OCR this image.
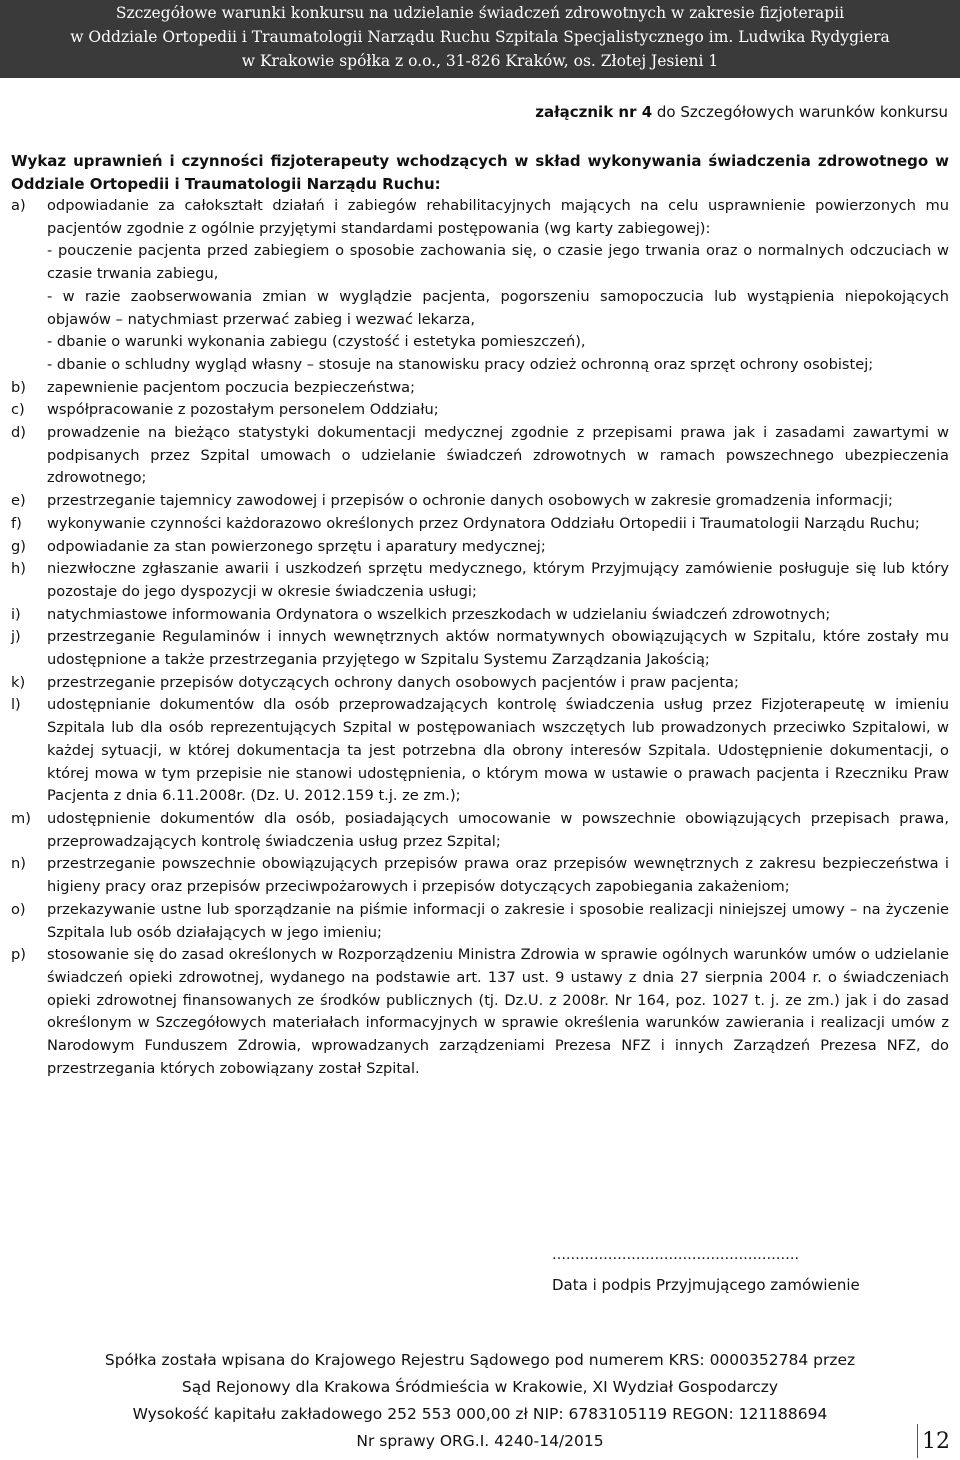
Szczegółowe warunki konkursu na udzielanie świadczeń zdrowotnych w zakresie fizjoterapii
w Oddziale Ortopedii i Traumatologii Narządu Ruchu Szpitala Specjalistycznego im. Ludwika Rydygiera
w Krakowie spółka z o.o., 31-826 Kraków, os. Złotej Jesieni 1
załącznik nr 4 do Szczegółowych warunków konkursu
Wykaz uprawnień i czynności fizjoterapeuty wchodzących w skład wykonywania świadczenia zdrowotnego w Oddziale Ortopedii i Traumatologii Narządu Ruchu:
a)	odpowiadanie za całokształt działań i zabiegów rehabilitacyjnych mających na celu usprawnienie powierzonych mu pacjentów zgodnie z ogólnie przyjętymi standardami postępowania (wg karty zabiegowej):
- pouczenie pacjenta przed zabiegiem o sposobie zachowania się, o czasie jego trwania oraz o normalnych odczuciach w czasie trwania zabiegu,
- w razie zaobserwowania zmian w wyglądzie pacjenta, pogorszeniu samopoczucia lub wystąpienia niepokojących objawów – natychmiast przerwać zabieg i wezwać lekarza,
- dbanie o warunki wykonania zabiegu (czystość i estetyka pomieszczeń),
- dbanie o schludny wygląd własny – stosuje na stanowisku pracy odzież ochronną oraz sprzęt ochrony osobistej;
b)	zapewnienie pacjentom poczucia bezpieczeństwa;
c)	współpracowanie z pozostałym personelem Oddziału;
d)	prowadzenie na bieżąco statystyki dokumentacji medycznej zgodnie z przepisami prawa jak i zasadami zawartymi w podpisanych przez Szpital umowach o udzielanie świadczeń zdrowotnych w ramach powszechnego ubezpieczenia zdrowotnego;
e)	przestrzeganie tajemnicy zawodowej i przepisów o ochronie danych osobowych w zakresie gromadzenia informacji;
f)	wykonywanie czynności każdorazowo określonych przez Ordynatora Oddziału Ortopedii i Traumatologii Narządu Ruchu;
g)	odpowiadanie za stan powierzonego sprzętu i aparatury medycznej;
h)	niezwłoczne zgłaszanie awarii i uszkodzeń sprzętu medycznego, którym Przyjmujący zamówienie posługuje się lub który pozostaje do jego dyspozycji w okresie świadczenia usługi;
i)	natychmiastowe informowania Ordynatora o wszelkich przeszkodach w udzielaniu świadczeń zdrowotnych;
j)	przestrzeganie Regulaminów i innych wewnętrznych aktów normatywnych obowiązujących w Szpitalu, które zostały mu udostępnione a także przestrzegania przyjętego w Szpitalu Systemu Zarządzania Jakością;
k)	przestrzeganie przepisów dotyczących ochrony danych osobowych pacjentów i praw pacjenta;
l)	udostępnianie dokumentów dla osób przeprowadzających kontrolę świadczenia usług przez Fizjoterapeutę w imieniu Szpitala lub dla osób reprezentujących Szpital w postępowaniach wszczętych lub prowadzonych przeciwko Szpitalowi, w każdej sytuacji, w której dokumentacja ta jest potrzebna dla obrony interesów Szpitala. Udostępnienie dokumentacji, o której mowa w tym przepisie nie stanowi udostępnienia, o którym mowa w ustawie o prawach pacjenta i Rzeczniku Praw Pacjenta z dnia 6.11.2008r. (Dz. U. 2012.159 t.j. ze zm.);
m)	udostępnienie dokumentów dla osób, posiadających umocowanie w powszechnie obowiązujących przepisach prawa, przeprowadzających kontrolę świadczenia usług przez Szpital;
n)	przestrzeganie powszechnie obowiązujących przepisów prawa oraz przepisów wewnętrznych z zakresu bezpieczeństwa i higieny pracy oraz przepisów przeciwpożarowych i przepisów dotyczących zapobiegania zakażeniom;
o)	przekazywanie ustne lub sporządzanie na piśmie informacji o zakresie i sposobie realizacji niniejszej umowy – na życzenie Szpitala lub osób działających w jego imieniu;
p)	stosowanie się do zasad określonych w Rozporządzeniu Ministra Zdrowia w sprawie ogólnych warunków umów o udzielanie świadczeń opieki zdrowotnej, wydanego na podstawie art. 137 ust. 9 ustawy z dnia 27 sierpnia 2004 r. o świadczeniach opieki zdrowotnej finansowanych ze środków publicznych (tj. Dz.U. z 2008r. Nr 164, poz. 1027 t. j. ze zm.) jak i do zasad określonym w Szczegółowych materiałach informacyjnych w sprawie określenia warunków zawierania i realizacji umów z Narodowym Funduszem Zdrowia, wprowadzanych zarządzeniami Prezesa NFZ i innych Zarządzeń Prezesa NFZ, do przestrzegania których zobowiązany został Szpital.
….………………………………………….
Data i podpis Przyjmującego zamówienie
Spółka została wpisana do Krajowego Rejestru Sądowego pod numerem KRS: 0000352784 przez
Sąd Rejonowy dla Krakowa Śródmieścia w Krakowie, XI Wydział Gospodarczy
Wysokość kapitału zakładowego 252 553 000,00 zł NIP: 6783105119 REGON: 121188694
Nr sprawy ORG.I. 4240-14/2015	12
